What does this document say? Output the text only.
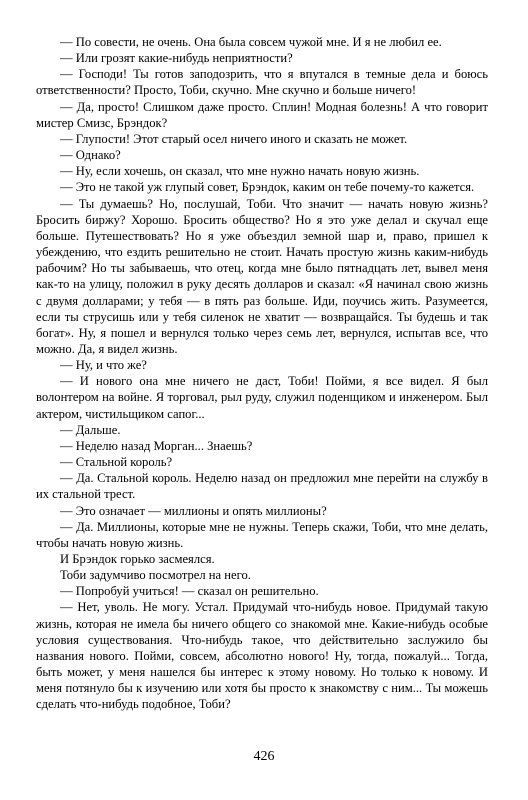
— По совести, не очень. Она была совсем чужой мне. И я не любил ее.

— Или грозят какие-нибудь неприятности?

— Господи! Ты готов заподозрить, что я впутался в темные дела и боюсь ответственности? Просто, Тоби, скучно. Мне скучно и больше ничего!

— Да, просто! Слишком даже просто. Сплин! Модная болезнь! А что говорит мистер Смизс, Брэндок?

— Глупости! Этот старый осел ничего иного и сказать не может.

— Однако?

— Ну, если хочешь, он сказал, что мне нужно начать новую жизнь.

— Это не такой уж глупый совет, Брэндок, каким он тебе почему-то кажется.

— Ты думаешь? Но, послушай, Тоби. Что значит — начать новую жизнь? Бросить биржу? Хорошо. Бросить общество? Но я это уже делал и скучал еще больше. Путешествовать? Но я уже объездил земной шар и, право, пришел к убеждению, что ездить решительно не стоит. Начать простую жизнь каким-нибудь рабочим? Но ты забываешь, что отец, когда мне было пятнадцать лет, вывел меня как-то на улицу, положил в руку десять долларов и сказал: «Я начинал свою жизнь с двумя долларами; у тебя — в пять раз больше. Иди, поучись жить. Разумеется, если ты струсишь или у тебя силенок не хватит — возвращайся. Ты будешь и так богат». Ну, я пошел и вернулся только через семь лет, вернулся, испытав все, что можно. Да, я видел жизнь.

— Ну, и что же?

— И нового она мне ничего не даст, Тоби! Пойми, я все видел. Я был волонтером на войне. Я торговал, рыл руду, служил поденщиком и инженером. Был актером, чистильщиком сапог...

— Дальше.

— Неделю назад Морган... Знаешь?

— Стальной король?

— Да. Стальной король. Неделю назад он предложил мне перейти на службу в их стальной трест.

— Это означает — миллионы и опять миллионы?

— Да. Миллионы, которые мне не нужны. Теперь скажи, Тоби, что мне делать, чтобы начать новую жизнь.

И Брэндок горько засмеялся.

Тоби задумчиво посмотрел на него.

— Попробуй учиться! — сказал он решительно.

— Нет, уволь. Не могу. Устал. Придумай что-нибудь новое. Придумай такую жизнь, которая не имела бы ничего общего со знакомой мне. Какие-нибудь особые условия существования. Что-нибудь такое, что действительно заслужило бы названия нового. Пойми, совсем, абсолютно нового! Ну, тогда, пожалуй... Тогда, быть может, у меня нашелся бы интерес к этому новому. Но только к новому. И меня потянуло бы к изучению или хотя бы просто к знакомству с ним... Ты можешь сделать что-нибудь подобное, Тоби?

426
